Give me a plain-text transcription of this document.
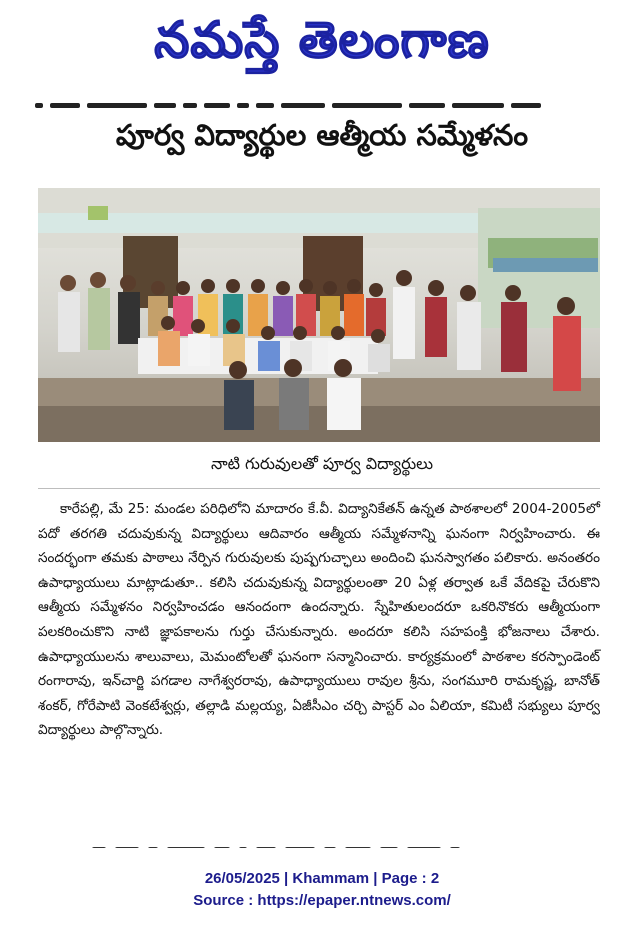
నమస్తే తెలంగాణ
పూర్వ విద్యార్థుల ఆత్మీయ సమ్మేళనం
నాటి గురువులతో పూర్వ విద్యార్థులు

కారేపల్లి, మే 25: మండల పరిధిలోని మాదారం కే.వీ. విద్యానికేతన్ ఉన్నత పాఠశాలలో 2004-2005లో పదో తరగతి చదువుకున్న విద్యార్థులు ఆదివారం ఆత్మీయ సమ్మేళనాన్ని ఘనంగా నిర్వహించారు. ఈ సందర్భంగా తమకు పాఠాలు నేర్పిన గురువులకు పుష్పగుచ్ఛాలు అందించి ఘనస్వాగతం పలికారు. అనంతరం ఉపాధ్యాయులు మాట్లాడుతూ.. కలిసి చదువుకున్న విద్యార్థులంతా 20 ఏళ్ల తర్వాత ఒకే వేదికపై చేరుకొని ఆత్మీయ సమ్మేళనం నిర్వహించడం ఆనందంగా ఉందన్నారు. స్నేహితులందరూ ఒకరినొకరు ఆత్మీయంగా పలకరించుకొని నాటి జ్ఞాపకాలను గుర్తు చేసుకున్నారు. అందరూ కలిసి సహపంక్తి భోజనాలు చేశారు. ఉపాధ్యాయులను శాలువాలు, మెమంటోలతో ఘనంగా సన్మానించారు. కార్యక్రమంలో పాఠశాల కరస్పాండెంట్ రంగారావు, ఇన్‌చార్జి పగడాల నాగేశ్వరరావు, ఉపాధ్యాయులు రావుల శ్రీను, సంగమూరి రామకృష్ణ, బానోత్ శంకర్, గోరేపాటి వెంకటేశ్వర్లు, తల్లాడి మల్లయ్య, ఏజీసీఎం చర్చి పాస్టర్ ఎం ఏలియా, కమిటీ సభ్యులు పూర్వ విద్యార్థులు పాల్గొన్నారు.

26/05/2025 | Khammam | Page : 2
Source : https://epaper.ntnews.com/
